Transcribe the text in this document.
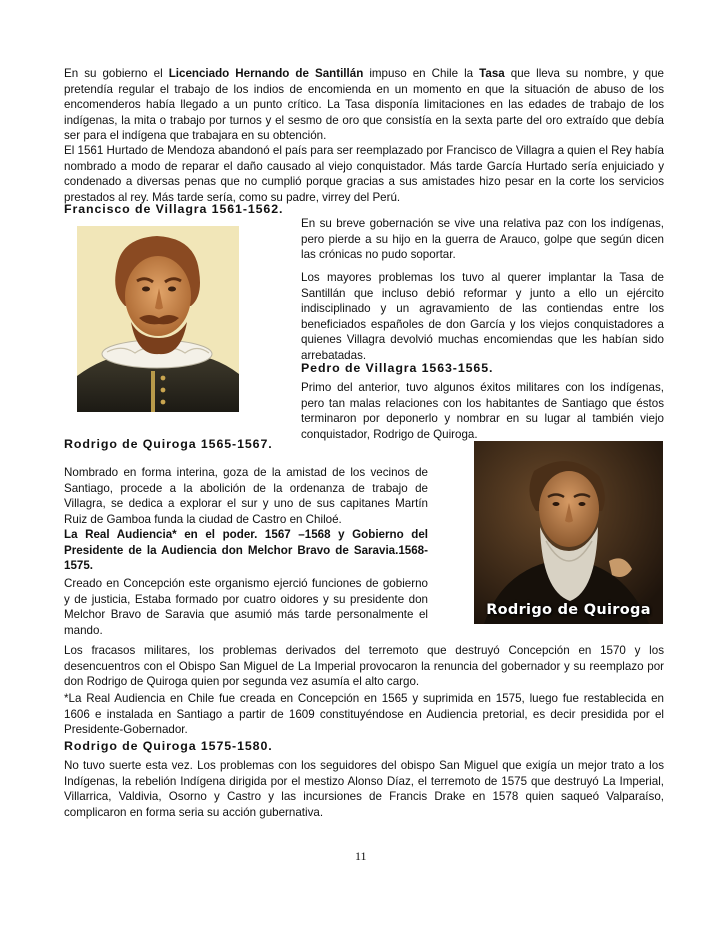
En su gobierno el Licenciado Hernando de Santillán impuso en Chile la Tasa que lleva su nombre, y que pretendía regular el trabajo de los indios de encomienda en un momento en que la situación de abuso de los encomenderos había llegado a un punto crítico. La Tasa disponía limitaciones en las edades de trabajo de los indígenas, la mita o trabajo por turnos y el sesmo de oro que consistía en la sexta parte del oro extraído que debía ser para el indígena que trabajara en su obtención.

El 1561 Hurtado de Mendoza abandonó el país para ser reemplazado por Francisco de Villagra a quien el Rey había nombrado a modo de reparar el daño causado al viejo conquistador. Más tarde García Hurtado sería enjuiciado y condenado a diversas penas que no cumplió porque gracias a sus amistades hizo pesar en la corte los servicios prestados al rey. Más tarde sería, como su padre, virrey del Perú.

Francisco de Villagra 1561-1562.

En su breve gobernación se vive una relativa paz con los indígenas, pero pierde a su hijo en la guerra de Arauco, golpe que según dicen las crónicas no pudo soportar.

Los mayores problemas los tuvo al querer implantar la Tasa de Santillán que incluso debió reformar y junto a ello un ejército indisciplinado y un agravamiento de las contiendas entre los beneficiados españoles de don García y los viejos conquistadores a quienes Villagra devolvió muchas encomiendas que les habían sido arrebatadas.

Pedro de Villagra 1563-1565.

Primo del anterior, tuvo algunos éxitos militares con los indígenas, pero tan malas relaciones con los habitantes de Santiago que éstos terminaron por deponerlo y nombrar en su lugar al también viejo conquistador, Rodrigo de Quiroga.

Rodrigo de Quiroga 1565-1567.

Nombrado en forma interina, goza de la amistad de los vecinos de Santiago, procede a la abolición de la ordenanza de trabajo de Villagra, se dedica a explorar el sur y uno de sus capitanes Martín Ruiz de Gamboa funda la ciudad de Castro en Chiloé.

La Real Audiencia* en el poder. 1567 –1568 y Gobierno del Presidente de la Audiencia don Melchor Bravo de Saravia.1568-1575.

Creado en Concepción este organismo ejerció funciones de gobierno y de justicia, Estaba formado por cuatro oidores y su presidente don Melchor Bravo de Saravia que asumió más tarde personalmente el mando.

Rodrigo de Quiroga

Los fracasos militares, los problemas derivados del terremoto que destruyó Concepción en 1570 y los desencuentros con el Obispo San Miguel de La Imperial provocaron la renuncia del gobernador y su reemplazo por don Rodrigo de Quiroga quien por segunda vez asumía el alto cargo.

*La Real Audiencia en Chile fue creada en Concepción en 1565 y suprimida en 1575, luego fue restablecida en 1606 e instalada en Santiago a partir de 1609 constituyéndose en Audiencia pretorial, es decir presidida por el Presidente-Gobernador.

Rodrigo de Quiroga 1575-1580.

No tuvo suerte esta vez. Los problemas con los seguidores del obispo San Miguel que exigía un mejor trato a los Indígenas, la rebelión Indígena dirigida por el mestizo Alonso Díaz, el terremoto de 1575 que destruyó La Imperial, Villarrica, Valdivia, Osorno y Castro y las incursiones de Francis Drake en 1578 quien saqueó Valparaíso, complicaron en forma seria su acción gubernativa.

11
